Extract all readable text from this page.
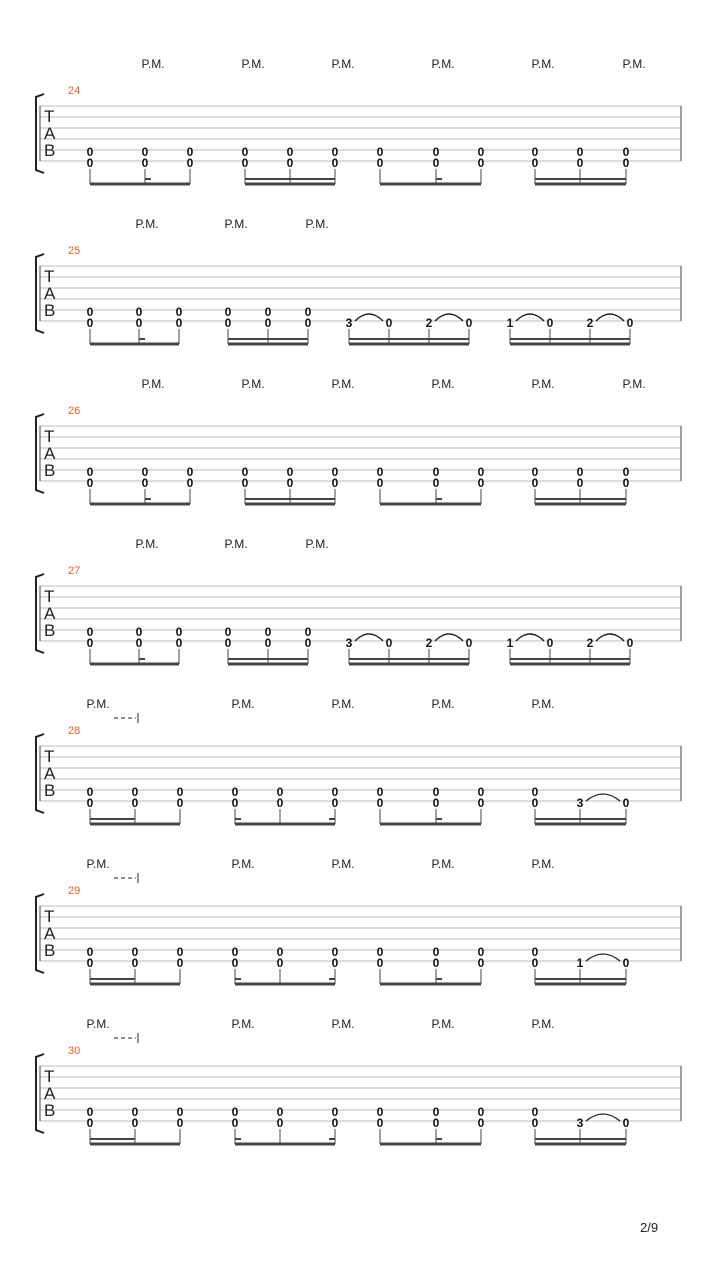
24
T
A
B
P.M.	P.M.	P.M.	P.M.	P.M.	P.M.
0
0
0
0
0
0
0
0
0
0
0
0
0
0
0
0
0
0
0
0
0
0
0
0
25
T
A
B
P.M.	P.M.	P.M.
0
0
0
0
0
0
0
0
0
0
0
0	3	0	2	0	1	0	2	0
26
T
A
B
P.M.	P.M.	P.M.	P.M.	P.M.	P.M.
0
0
0
0
0
0
0
0
0
0
0
0
0
0
0
0
0
0
0
0
0
0
0
0
27
T
A
B
P.M.	P.M.	P.M.
0
0
0
0
0
0
0
0
0
0
0
0	3	0	2	0	1	0	2	0
28
T
A
B
P.M.	P.M.	P.M.	P.M.	P.M.
0
0
0
0
0
0
0
0
0
0
0
0
0
0
0
0
0
0
0
0	3	0
29
T
A
B
P.M.	P.M.	P.M.	P.M.	P.M.
0
0
0
0
0
0
0
0
0
0
0
0
0
0
0
0
0
0
0
0	1	0
30
T
A
B
P.M.	P.M.	P.M.	P.M.	P.M.
0
0
0
0
0
0
0
0
0
0
0
0
0
0
0
0
0
0
0
0	3	0
2/9
